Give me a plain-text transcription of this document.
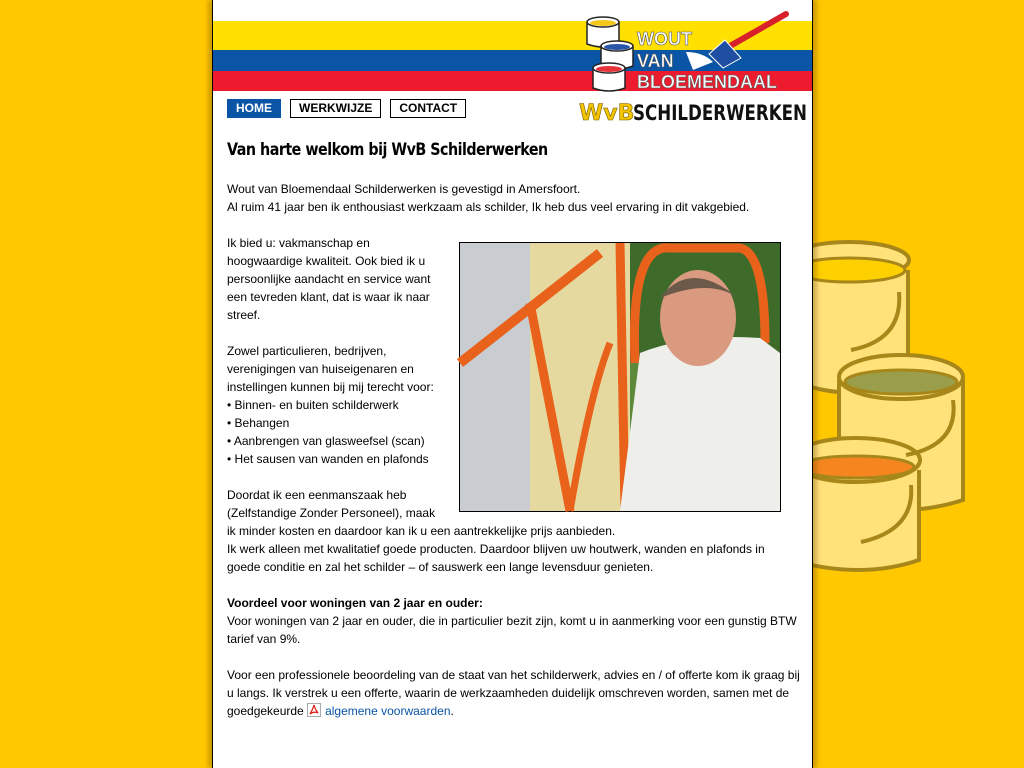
WOUT
VAN
BLOEMENDAAL
WvB
SCHILDERWERKEN
HOME	WERKWIJZE	CONTACT
Van harte welkom bij WvB Schilderwerken

Wout van Bloemendaal Schilderwerken is gevestigd in Amersfoort.
Al ruim 41 jaar ben ik enthousiast werkzaam als schilder, Ik heb dus veel ervaring in dit vakgebied.

Ik bied u: vakmanschap en hoogwaardige kwaliteit. Ook bied ik u persoonlijke aandacht en service want een tevreden klant, dat is waar ik naar streef.

Zowel particulieren, bedrijven, verenigingen van huiseigenaren en instellingen kunnen bij mij terecht voor:
• Binnen- en buiten schilderwerk
• Behangen
• Aanbrengen van glasweefsel (scan)
• Het sausen van wanden en plafonds

Doordat ik een eenmanszaak heb (Zelfstandige Zonder Personeel), maak ik minder kosten en daardoor kan ik u een aantrekkelijke prijs aanbieden.

Ik werk alleen met kwalitatief goede producten. Daardoor blijven uw houtwerk, wanden en plafonds in goede conditie en zal het schilder – of sauswerk een lange levensduur genieten.

Voordeel voor woningen van 2 jaar en ouder:
Voor woningen van 2 jaar en ouder, die in particulier bezit zijn, komt u in aanmerking voor een gunstig BTW tarief van 9%.

Voor een professionele beoordeling van de staat van het schilderwerk, advies en / of offerte kom ik graag bij u langs. Ik verstrek u een offerte, waarin de werkzaamheden duidelijk omschreven worden, samen met de goedgekeurde algemene voorwaarden.
